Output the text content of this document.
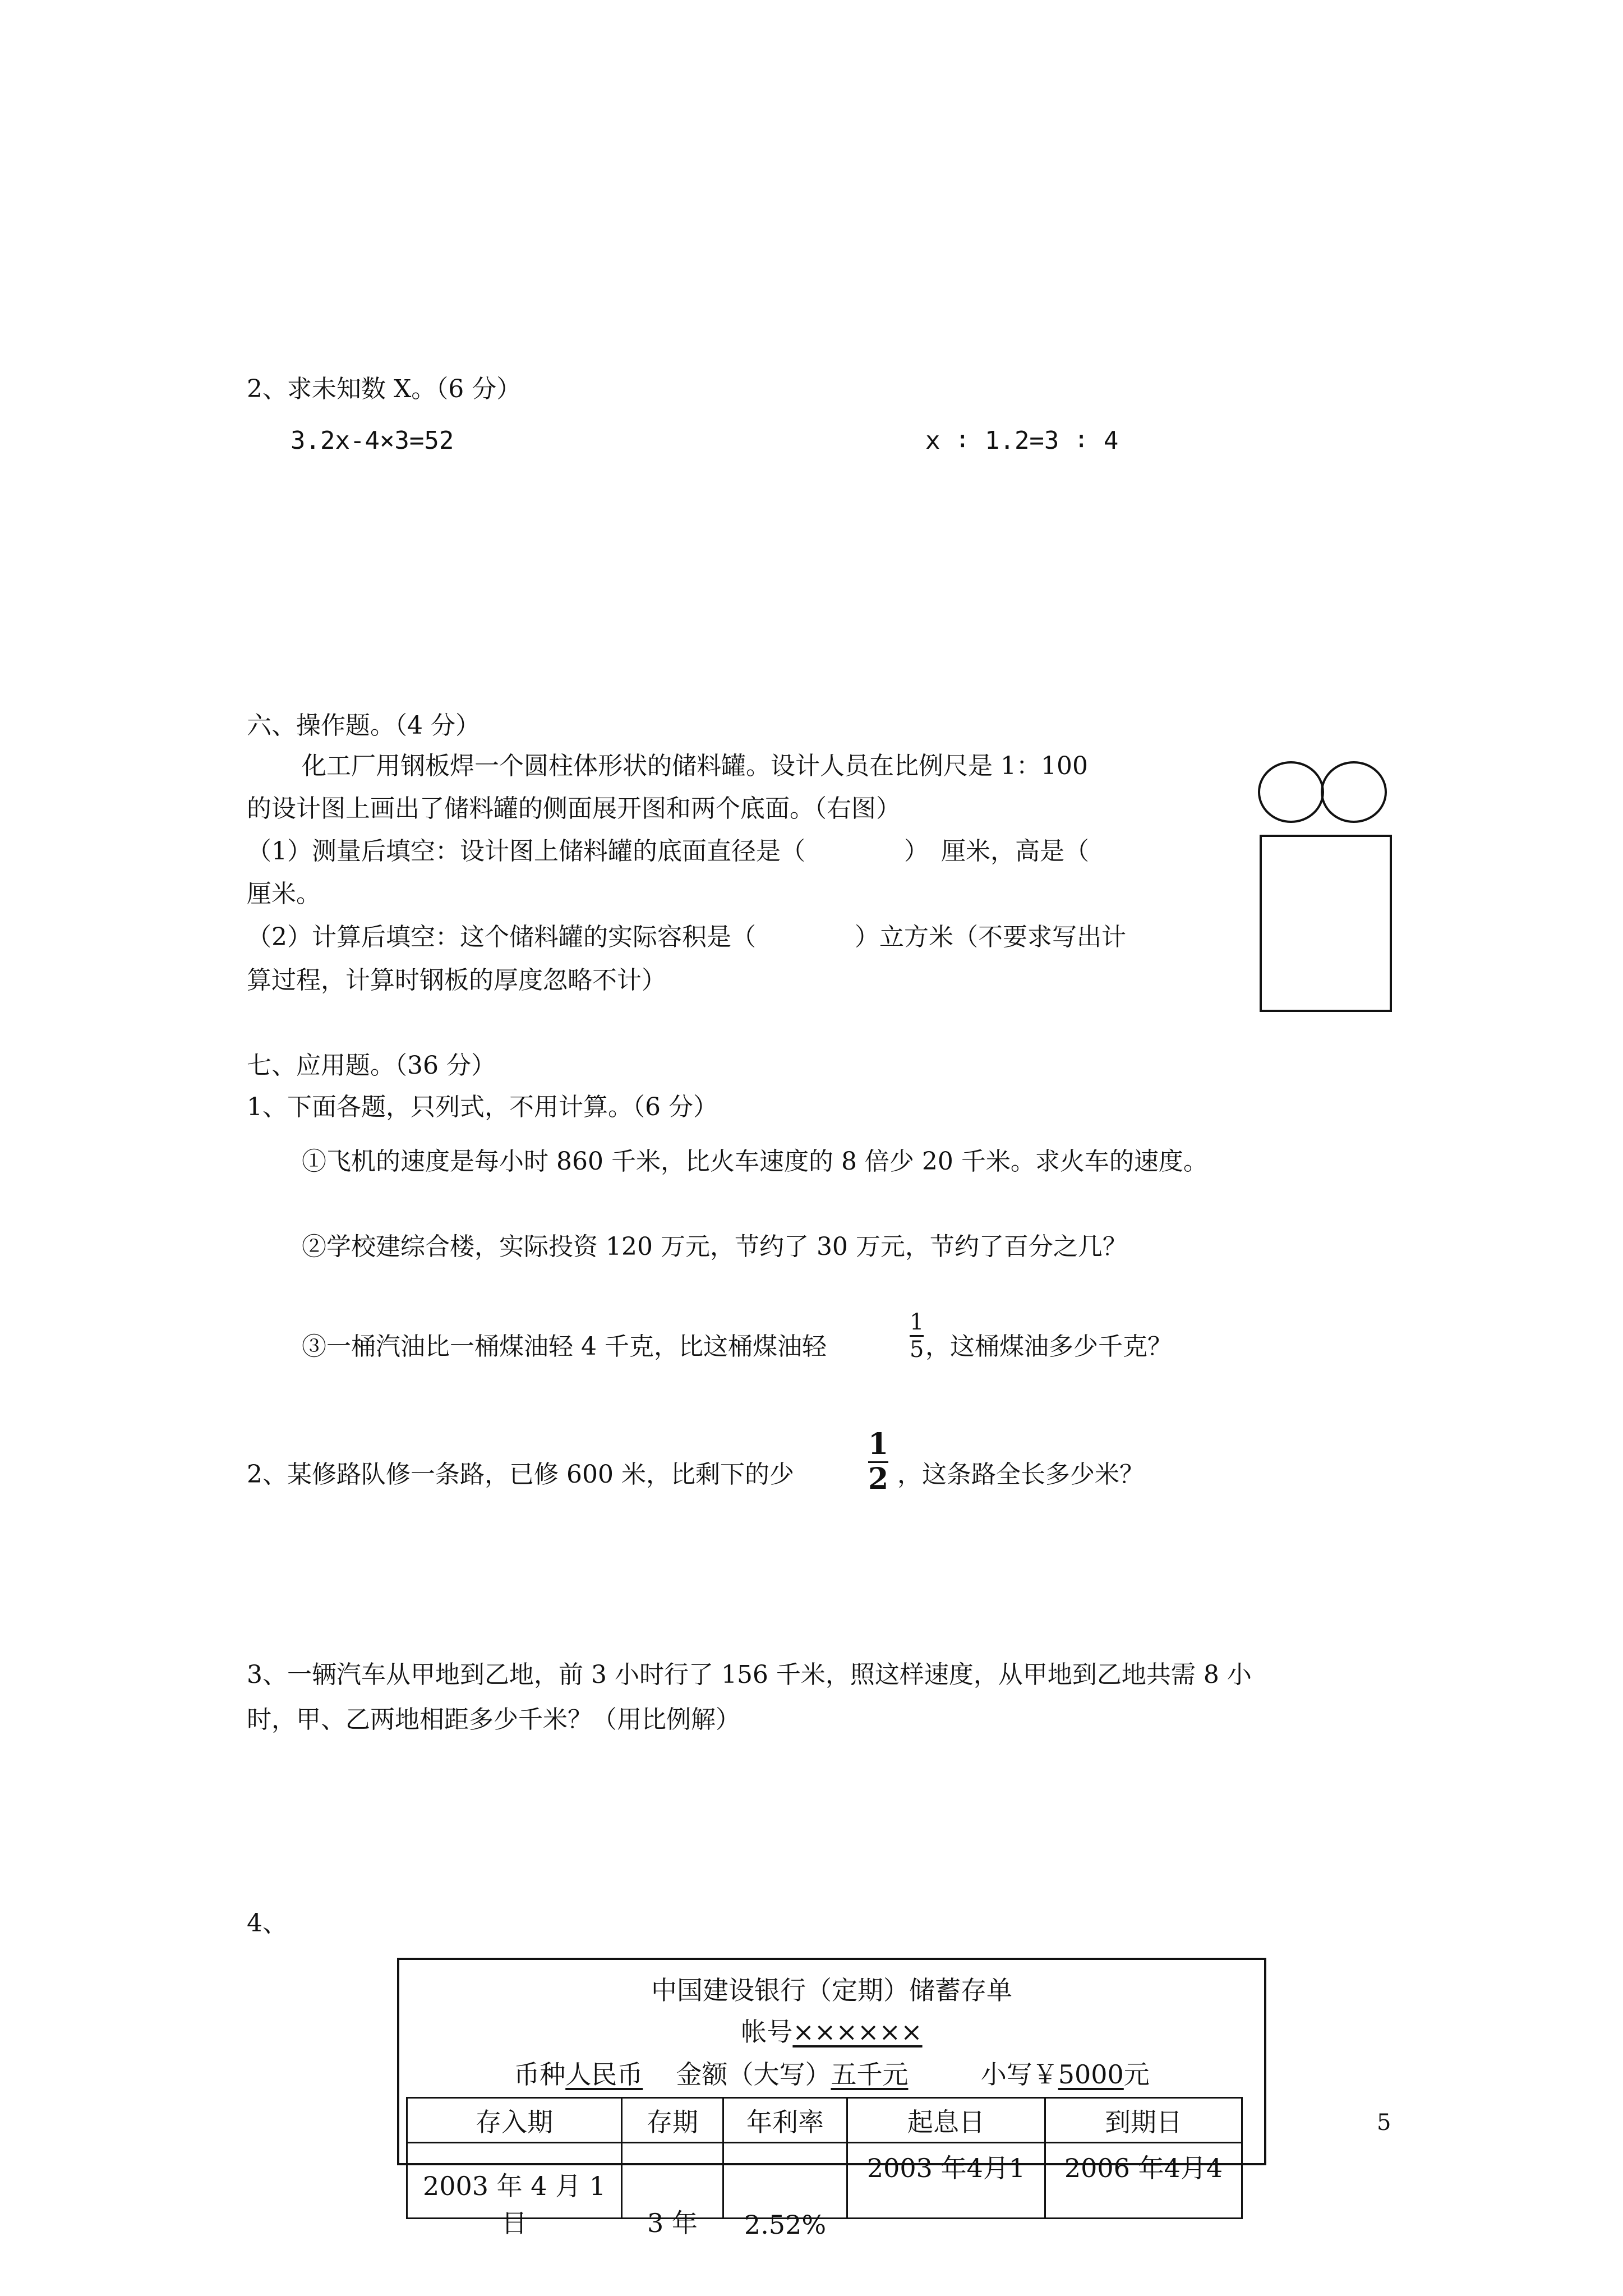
2、求未知数 X。（6 分）
3.2x-4×3=52	x ∶ 1.2=3 ∶ 4
六、操作题。（4 分）
化工厂用钢板焊一个圆柱体形状的储料罐。设计人员在比例尺是 1：100
的设计图上画出了储料罐的侧面展开图和两个底面。（右图）
（1）测量后填空：设计图上储料罐的底面直径是（　　　　）　厘米，高是（
厘米。
（2）计算后填空：这个储料罐的实际容积是（　　　　）立方米（不要求写出计
算过程，计算时钢板的厚度忽略不计）
七、应用题。（36 分）
1、下面各题，只列式，不用计算。（6 分）
①飞机的速度是每小时 860 千米，比火车速度的 8 倍少 20 千米。求火车的速度。
②学校建综合楼，实际投资 120 万元，节约了 30 万元，节约了百分之几？
③一桶汽油比一桶煤油轻 4 千克，比这桶煤油轻
1
5 ，这桶煤油多少千克？
2、某修路队修一条路，已修 600 米，比剩下的少
1
2 ，这条路全长多少米？
3、一辆汽车从甲地到乙地，前 3 小时行了 156 千米，照这样速度，从甲地到乙地共需 8 小
时，甲、乙两地相距多少千米？（用比例解）
4、
中国建设银行（定期）储蓄存单
帐号××××××
币种人民币 金额（大写）五千元	小写￥5000元
存入期	存期	年利率	起息日	到期日
2003 年 4 月 1 日	3 年	2.52%	2003 年4月1	2006 年4月4
5
